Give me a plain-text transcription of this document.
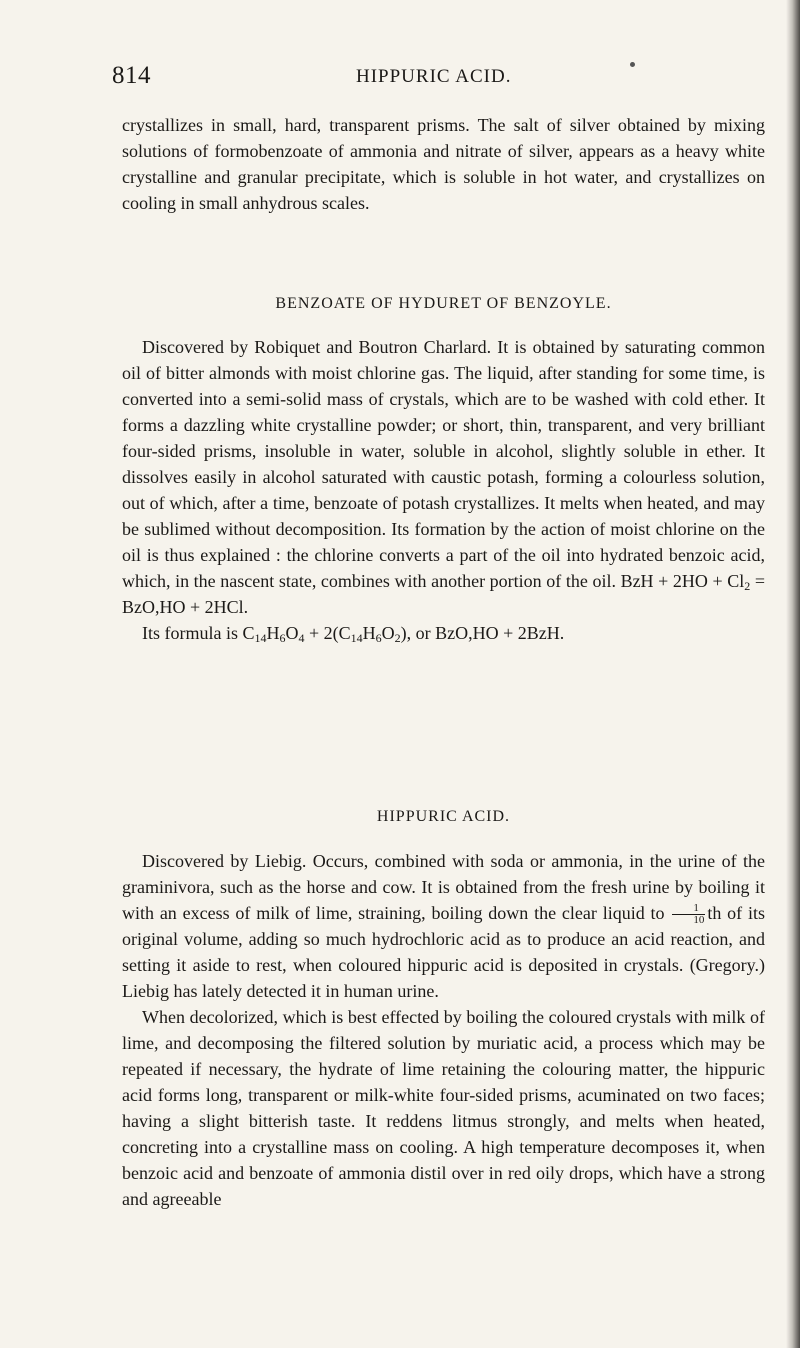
814	HIPPURIC ACID.

crystallizes in small, hard, transparent prisms. The salt of silver obtained by mixing solutions of formobenzoate of ammonia and nitrate of silver, appears as a heavy white crystalline and granular precipitate, which is soluble in hot water, and crystallizes on cooling in small anhydrous scales.

BENZOATE OF HYDURET OF BENZOYLE.

Discovered by Robiquet and Boutron Charlard. It is obtained by saturating common oil of bitter almonds with moist chlorine gas. The liquid, after standing for some time, is converted into a semi-solid mass of crystals, which are to be washed with cold ether. It forms a dazzling white crystalline powder; or short, thin, transparent, and very brilliant four-sided prisms, insoluble in water, soluble in alcohol, slightly soluble in ether. It dissolves easily in alcohol saturated with caustic potash, forming a colourless solution, out of which, after a time, benzoate of potash crystallizes. It melts when heated, and may be sublimed without decomposition. Its formation by the action of moist chlorine on the oil is thus explained : the chlorine converts a part of the oil into hydrated benzoic acid, which, in the nascent state, combines with another portion of the oil. BzH + $2HO + Cl_2 = BzO,HO + 2HCl$.

Its formula is $C_{14}H_6O_4 + 2(C_{14}H_6O_2)$, or BzO,HO + 2BzH.

HIPPURIC ACID.

Discovered by Liebig. Occurs, combined with soda or ammonia, in the urine of the graminivora, such as the horse and cow. It is obtained from the fresh urine by boiling it with an excess of milk of lime, straining, boiling down the clear liquid to $\frac{1}{10}$ th of its original volume, adding so much hydrochloric acid as to produce an acid reaction, and setting it aside to rest, when coloured hippuric acid is deposited in crystals. (Gregory.) Liebig has lately detected it in human urine.

When decolorized, which is best effected by boiling the coloured crystals with milk of lime, and decomposing the filtered solution by muriatic acid, a process which may be repeated if necessary, the hydrate of lime retaining the colouring matter, the hippuric acid forms long, transparent or milk-white four-sided prisms, acuminated on two faces; having a slight bitterish taste. It reddens litmus strongly, and melts when heated, concreting into a crystalline mass on cooling. A high temperature decomposes it, when benzoic acid and benzoate of ammonia distil over in red oily drops, which have a strong and agreeable
